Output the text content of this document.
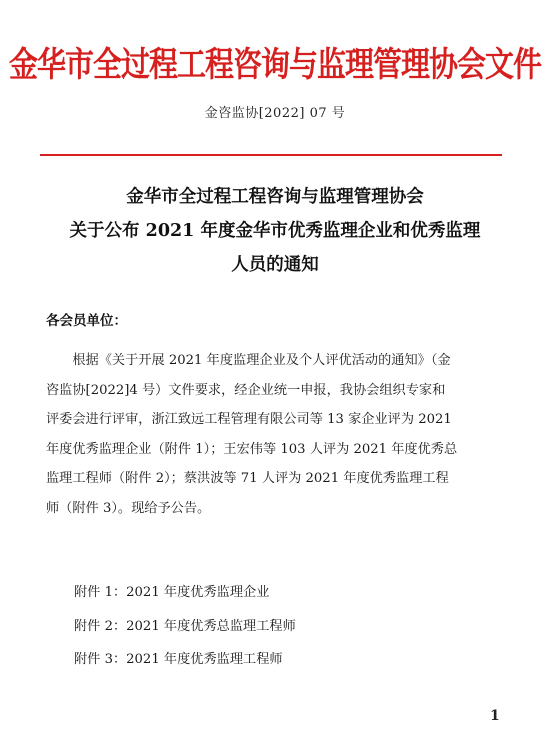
金华市全过程工程咨询与监理管理协会文件
金咨监协[2022] 07 号
金华市全过程工程咨询与监理管理协会
关于公布 2021 年度金华市优秀监理企业和优秀监理
人员的通知
各会员单位：
　　根据《关于开展 2021 年度监理企业及个人评优活动的通知》（金
咨监协[2022]4 号）文件要求，经企业统一申报，我协会组织专家和
评委会进行评审，浙江致远工程管理有限公司等 13 家企业评为 2021
年度优秀监理企业（附件 1）；王宏伟等 103 人评为 2021 年度优秀总
监理工程师（附件 2）；蔡洪波等 71 人评为 2021 年度优秀监理工程
师（附件 3）。现给予公告。
附件 1：2021 年度优秀监理企业
附件 2：2021 年度优秀总监理工程师
附件 3：2021 年度优秀监理工程师
1
